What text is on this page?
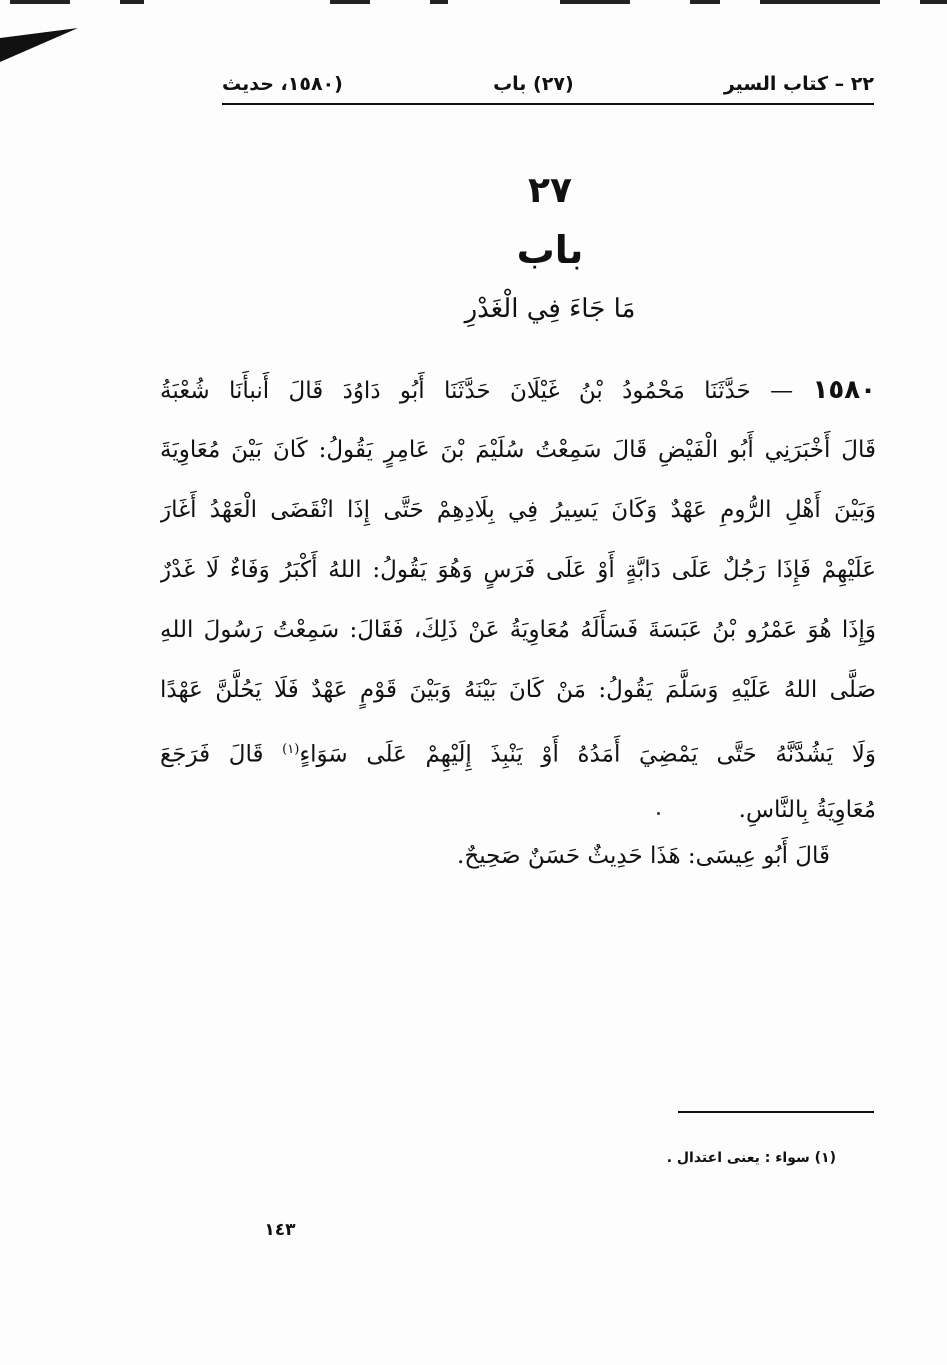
٢٢ – كتاب السير
(٢٧) باب
(١٥٨٠، حديث
٢٧
باب
مَا جَاءَ فِي الْغَدْرِ
١٥٨٠ — حَدَّثَنَا مَحْمُودُ بْنُ غَيْلَانَ حَدَّثَنَا أَبُو دَاوُدَ قَالَ أَنبأَنَا شُعْبَةُ
قَالَ أَخْبَرَنِي أَبُو الْفَيْضِ قَالَ سَمِعْتُ سُلَيْمَ بْنَ عَامِرٍ يَقُولُ: كَانَ بَيْنَ مُعَاوِيَةَ
وَبَيْنَ أَهْلِ الرُّومِ عَهْدٌ وَكَانَ يَسِيرُ فِي بِلَادِهِمْ حَتَّى إِذَا انْقَضَى الْعَهْدُ أَغَارَ
عَلَيْهِمْ فَإِذَا رَجُلٌ عَلَى دَابَّةٍ أَوْ عَلَى فَرَسٍ وَهُوَ يَقُولُ: اللهُ أَكْبَرُ وَفَاءٌ لَا غَدْرٌ
وَإِذَا هُوَ عَمْرُو بْنُ عَبَسَةَ فَسَأَلَهُ مُعَاوِيَةُ عَنْ ذَلِكَ، فَقَالَ: سَمِعْتُ رَسُولَ اللهِ
صَلَّى اللهُ عَلَيْهِ وَسَلَّمَ يَقُولُ: مَنْ كَانَ بَيْنَهُ وَبَيْنَ قَوْمٍ عَهْدٌ فَلَا يَحُلَّنَّ عَهْدًا
وَلَا يَشُدَّنَّهُ حَتَّى يَمْضِيَ أَمَدُهُ أَوْ يَنْبِذَ إِلَيْهِمْ عَلَى سَوَاءٍ$^{(١)}$ قَالَ فَرَجَعَ
مُعَاوِيَةُ بِالنَّاسِ.
قَالَ أَبُو عِيسَى: هَذَا حَدِيثٌ حَسَنٌ صَحِيحٌ.
(١) سواء : يعنى اعتدال .
١٤٣
